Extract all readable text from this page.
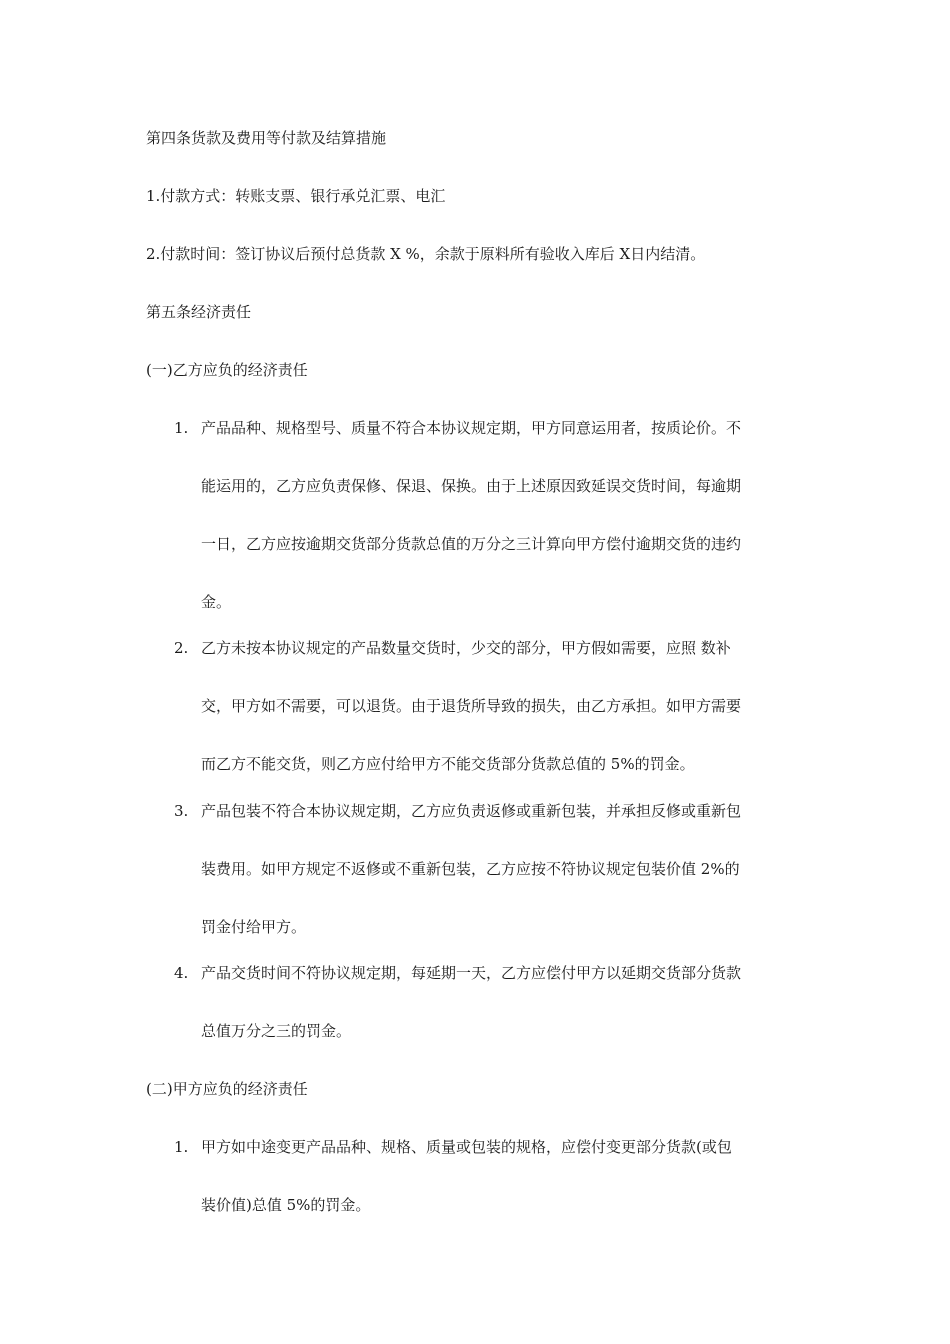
第四条货款及费用等付款及结算措施
1.付款方式：转账支票、银行承兑汇票、电汇
2.付款时间：签订协议后预付总货款 X %，余款于原料所有验收入库后 X日内结清。
第五条经济责任
(一)乙方应负的经济责任
1. 产品品种、规格型号、质量不符合本协议规定期，甲方同意运用者，按质论价。不
能运用的，乙方应负责保修、保退、保换。由于上述原因致延误交货时间，每逾期
一日，乙方应按逾期交货部分货款总值的万分之三计算向甲方偿付逾期交货的违约
金。
2. 乙方未按本协议规定的产品数量交货时，少交的部分，甲方假如需要，应照 数补
交，甲方如不需要，可以退货。由于退货所导致的损失，由乙方承担。如甲方需要
而乙方不能交货，则乙方应付给甲方不能交货部分货款总值的 5%的罚金。
3. 产品包装不符合本协议规定期，乙方应负责返修或重新包装，并承担反修或重新包
装费用。如甲方规定不返修或不重新包装，乙方应按不符协议规定包装价值 2%的
罚金付给甲方。
4. 产品交货时间不符协议规定期，每延期一天，乙方应偿付甲方以延期交货部分货款
总值万分之三的罚金。
(二)甲方应负的经济责任
1. 甲方如中途变更产品品种、规格、质量或包装的规格，应偿付变更部分货款(或包
装价值)总值 5%的罚金。
